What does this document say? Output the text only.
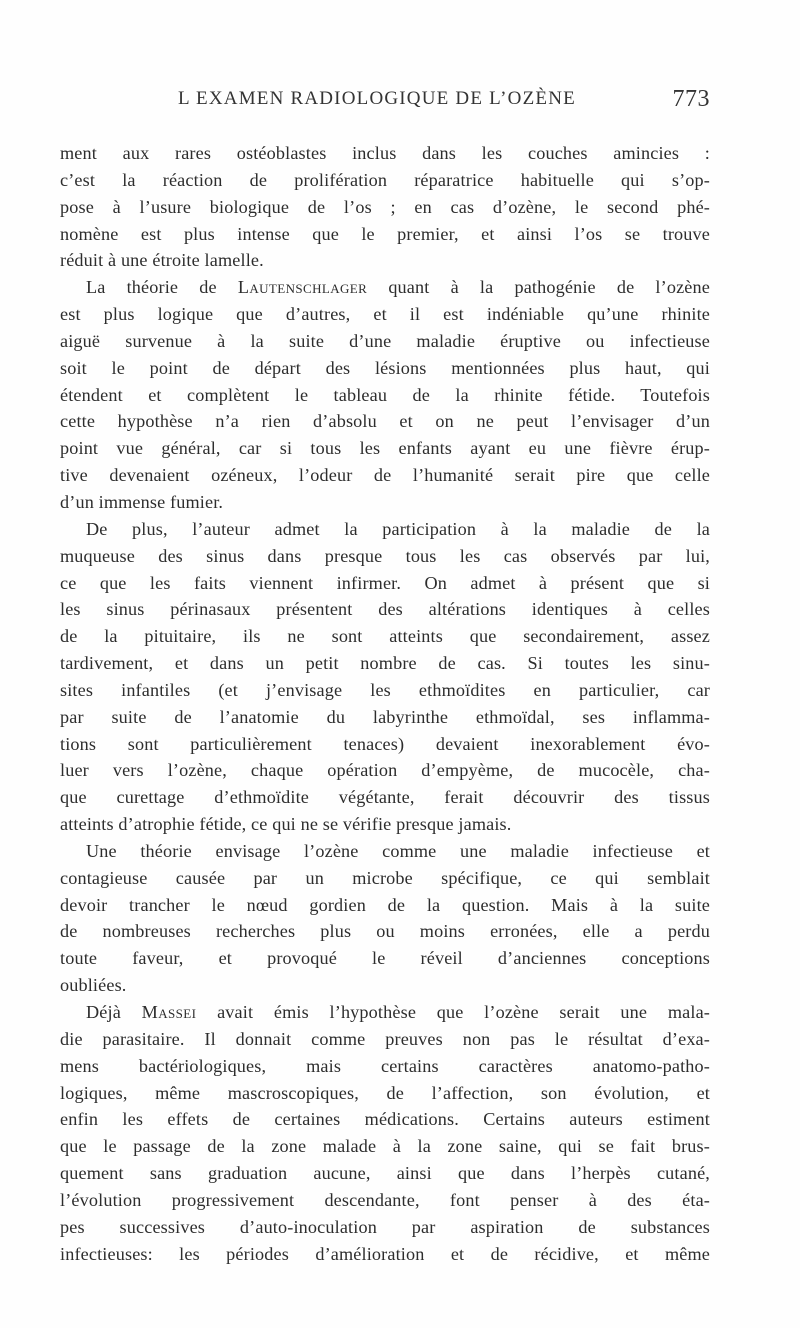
L EXAMEN RADIOLOGIQUE DE L’OZÈNE	773
ment aux rares ostéoblastes inclus dans les couches amincies :
c’est la réaction de prolifération réparatrice habituelle qui s’op-
pose à l’usure biologique de l’os ; en cas d’ozène, le second phé-
nomène est plus intense que le premier, et ainsi l’os se trouve
réduit à une étroite lamelle.
La théorie de Lautenschlager quant à la pathogénie de l’ozène
est plus logique que d’autres, et il est indéniable qu’une rhinite
aiguë survenue à la suite d’une maladie éruptive ou infectieuse
soit le point de départ des lésions mentionnées plus haut, qui
étendent et complètent le tableau de la rhinite fétide. Toutefois
cette hypothèse n’a rien d’absolu et on ne peut l’envisager d’un
point vue général, car si tous les enfants ayant eu une fièvre érup-
tive devenaient ozéneux, l’odeur de l’humanité serait pire que celle
d’un immense fumier.
De plus, l’auteur admet la participation à la maladie de la
muqueuse des sinus dans presque tous les cas observés par lui,
ce que les faits viennent infirmer. On admet à présent que si
les sinus périnasaux présentent des altérations identiques à celles
de la pituitaire, ils ne sont atteints que secondairement, assez
tardivement, et dans un petit nombre de cas. Si toutes les sinu-
sites infantiles (et j’envisage les ethmoïdites en particulier, car
par suite de l’anatomie du labyrinthe ethmoïdal, ses inflamma-
tions sont particulièrement tenaces) devaient inexorablement évo-
luer vers l’ozène, chaque opération d’empyème, de mucocèle, cha-
que curettage d’ethmoïdite végétante, ferait découvrir des tissus
atteints d’atrophie fétide, ce qui ne se vérifie presque jamais.
Une théorie envisage l’ozène comme une maladie infectieuse et
contagieuse causée par un microbe spécifique, ce qui semblait
devoir trancher le nœud gordien de la question. Mais à la suite
de nombreuses recherches plus ou moins erronées, elle a perdu
toute faveur, et provoqué le réveil d’anciennes conceptions
oubliées.
Déjà Massei avait émis l’hypothèse que l’ozène serait une mala-
die parasitaire. Il donnait comme preuves non pas le résultat d’exa-
mens bactériologiques, mais certains caractères anatomo-patho-
logiques, même mascroscopiques, de l’affection, son évolution, et
enfin les effets de certaines médications. Certains auteurs estiment
que le passage de la zone malade à la zone saine, qui se fait brus-
quement sans graduation aucune, ainsi que dans l’herpès cutané,
l’évolution progressivement descendante, font penser à des éta-
pes successives d’auto-inoculation par aspiration de substances
infectieuses: les périodes d’amélioration et de récidive, et même
